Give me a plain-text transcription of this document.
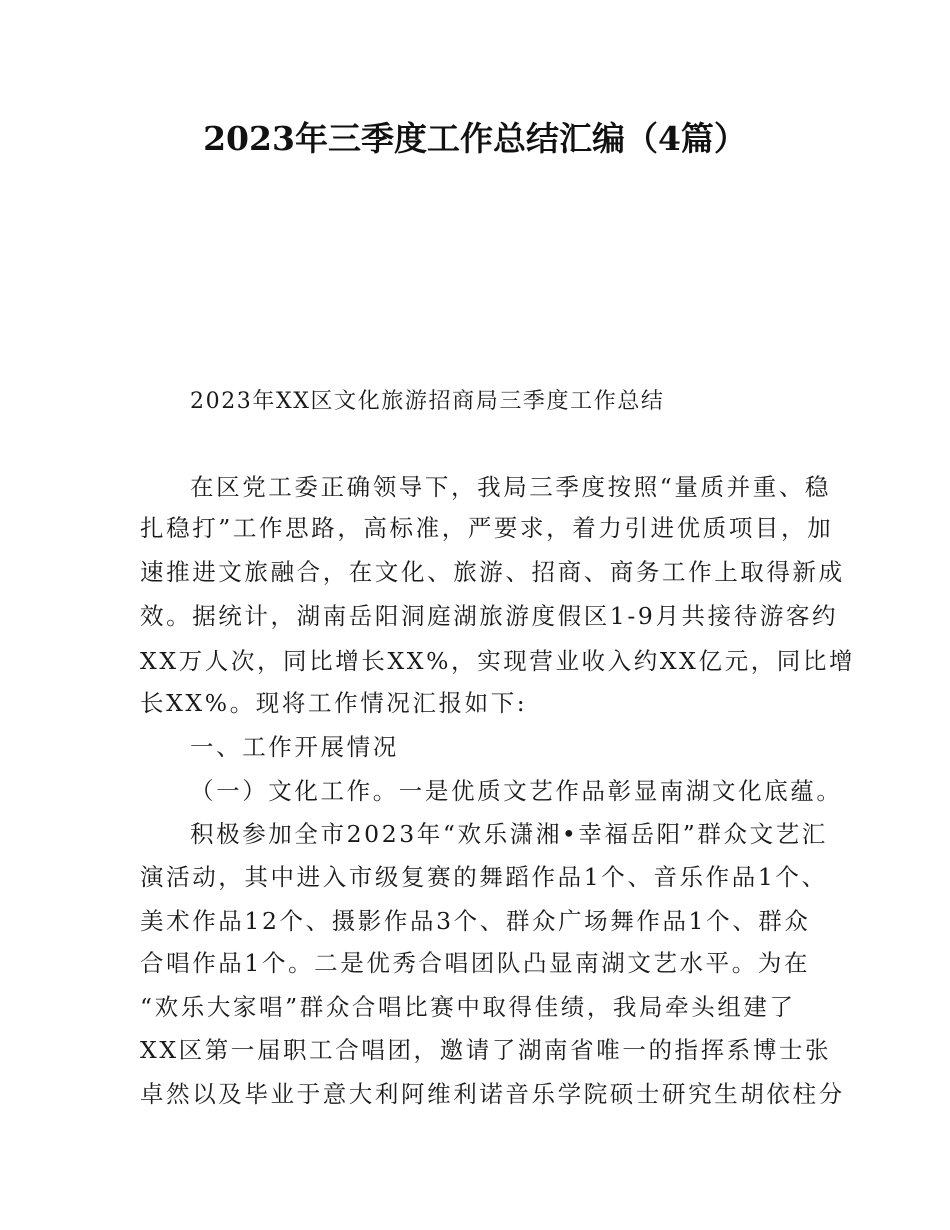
2023年三季度工作总结汇编（4篇）
2023年XX区文化旅游招商局三季度工作总结
在区党工委正确领导下，我局三季度按照“量质并重、稳
扎稳打”工作思路，高标准，严要求，着力引进优质项目，加
速推进文旅融合，在文化、旅游、招商、商务工作上取得新成
效。据统计，湖南岳阳洞庭湖旅游度假区1-9月共接待游客约
XX万人次，同比增长XX%，实现营业收入约XX亿元，同比增
长XX%。现将工作情况汇报如下:
一、工作开展情况
（一）文化工作。一是优质文艺作品彰显南湖文化底蕴。
积极参加全市2023年“欢乐潇湘•幸福岳阳”群众文艺汇
演活动，其中进入市级复赛的舞蹈作品1个、音乐作品1个、
美术作品12个、摄影作品3个、群众广场舞作品1个、群众
合唱作品1个。二是优秀合唱团队凸显南湖文艺水平。为在
“欢乐大家唱”群众合唱比赛中取得佳绩，我局牵头组建了
XX区第一届职工合唱团，邀请了湖南省唯一的指挥系博士张
卓然以及毕业于意大利阿维利诺音乐学院硕士研究生胡依柱分
